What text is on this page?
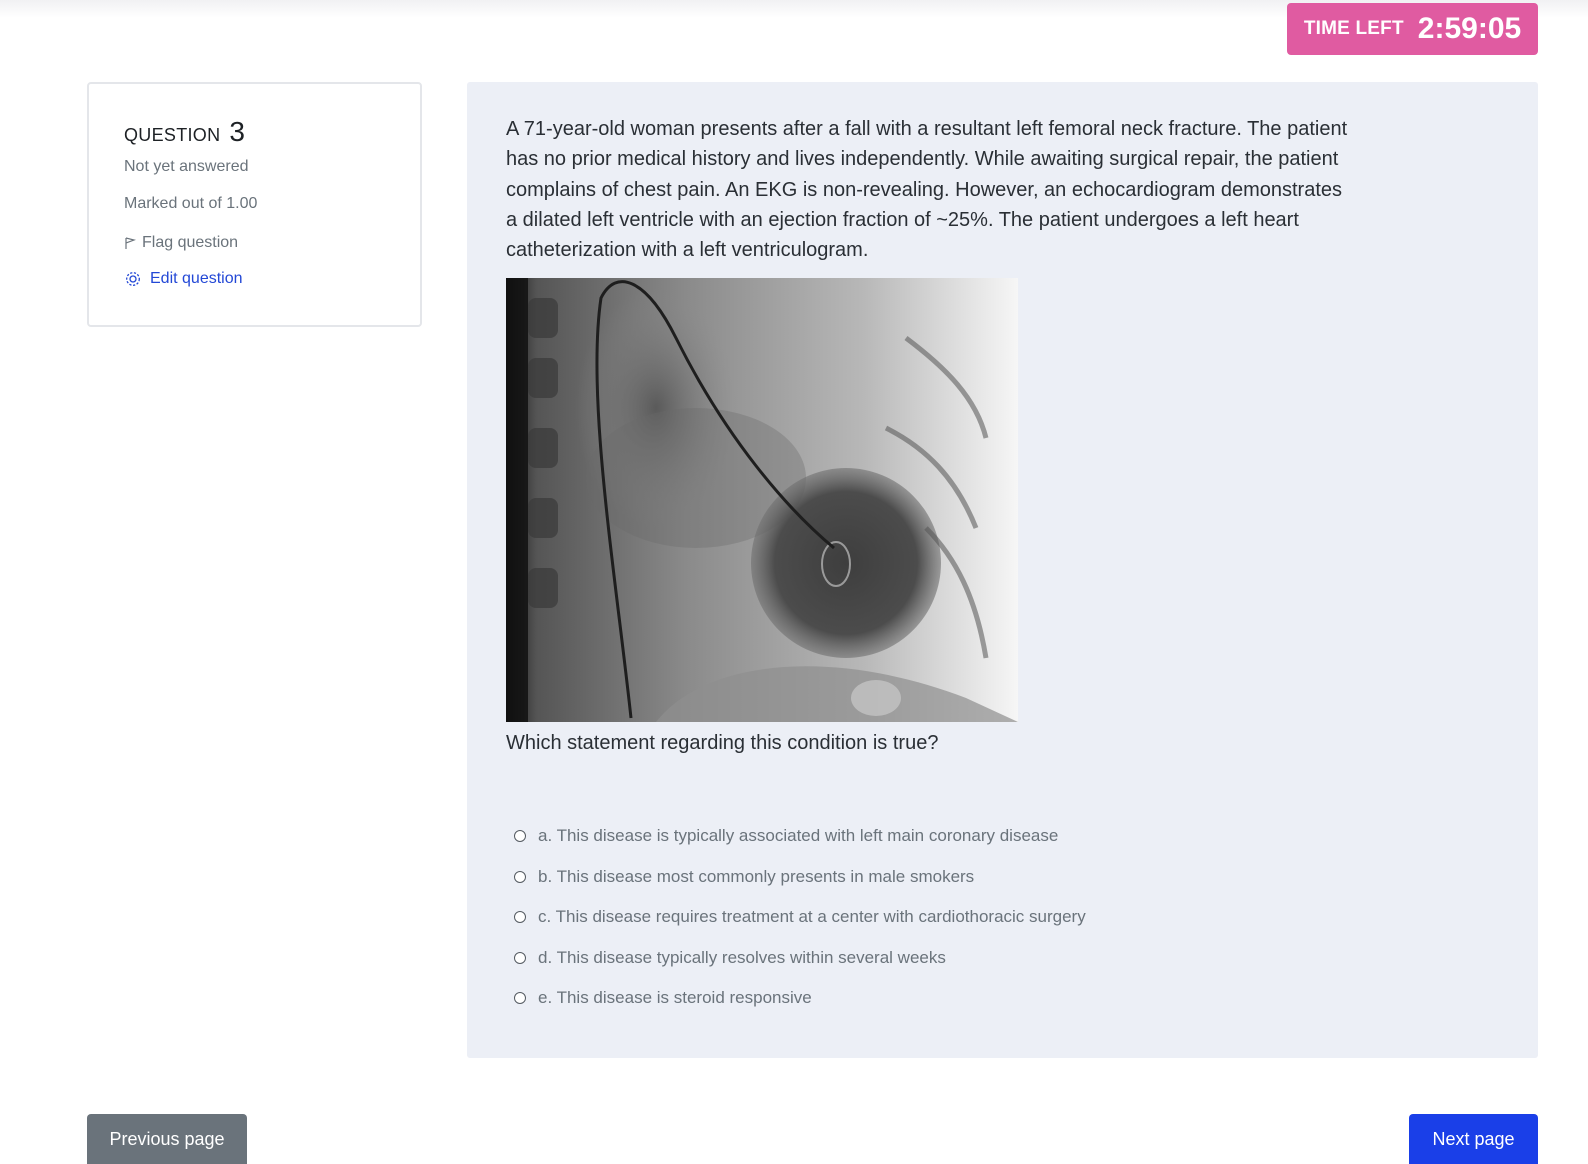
TIME LEFT 2:59:05
QUESTION 3
Not yet answered
Marked out of 1.00
Flag question
Edit question
A 71-year-old woman presents after a fall with a resultant left femoral neck fracture. The patient
has no prior medical history and lives independently. While awaiting surgical repair, the patient
complains of chest pain. An EKG is non-revealing. However, an echocardiogram demonstrates
a dilated left ventricle with an ejection fraction of ~25%. The patient undergoes a left heart
catheterization with a left ventriculogram.
Which statement regarding this condition is true?
a. This disease is typically associated with left main coronary disease
b. This disease most commonly presents in male smokers
c. This disease requires treatment at a center with cardiothoracic surgery
d. This disease typically resolves within several weeks
e. This disease is steroid responsive
Previous page	Next page
